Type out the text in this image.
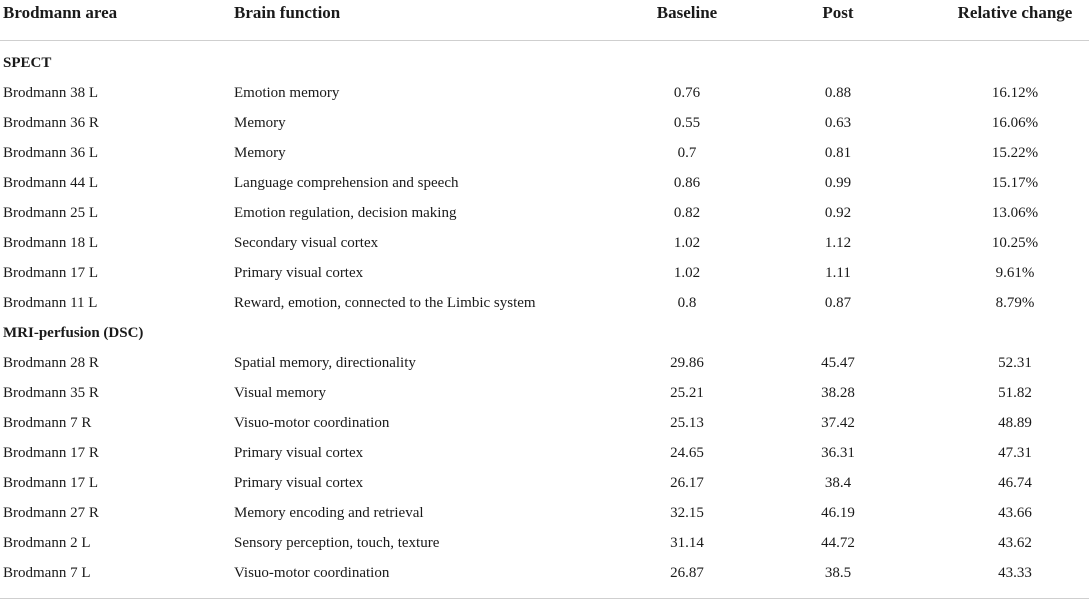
Brodmann area	Brain function	Baseline	Post	Relative change
SPECT
Brodmann 38 L	Emotion memory	0.76	0.88	16.12%
Brodmann 36 R	Memory	0.55	0.63	16.06%
Brodmann 36 L	Memory	0.7	0.81	15.22%
Brodmann 44 L	Language comprehension and speech	0.86	0.99	15.17%
Brodmann 25 L	Emotion regulation, decision making	0.82	0.92	13.06%
Brodmann 18 L	Secondary visual cortex	1.02	1.12	10.25%
Brodmann 17 L	Primary visual cortex	1.02	1.11	9.61%
Brodmann 11 L	Reward, emotion, connected to the Limbic system	0.8	0.87	8.79%
MRI-perfusion (DSC)
Brodmann 28 R	Spatial memory, directionality	29.86	45.47	52.31
Brodmann 35 R	Visual memory	25.21	38.28	51.82
Brodmann 7 R	Visuo-motor coordination	25.13	37.42	48.89
Brodmann 17 R	Primary visual cortex	24.65	36.31	47.31
Brodmann 17 L	Primary visual cortex	26.17	38.4	46.74
Brodmann 27 R	Memory encoding and retrieval	32.15	46.19	43.66
Brodmann 2 L	Sensory perception, touch, texture	31.14	44.72	43.62
Brodmann 7 L	Visuo-motor coordination	26.87	38.5	43.33
